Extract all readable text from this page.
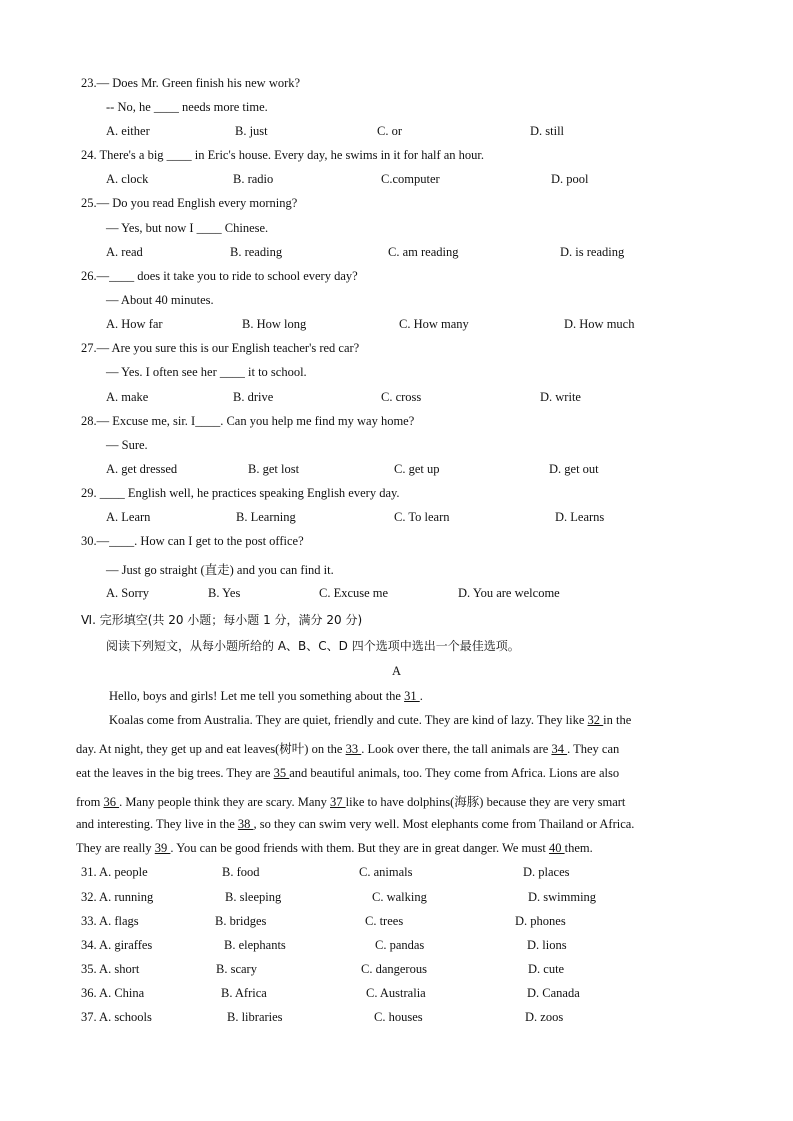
23.— Does Mr. Green finish his new work?
-- No, he ____ needs more time.
A. either	B. just	C. or	D. still
24. There's a big ____ in Eric's house. Every day, he swims in it for half an hour.
A. clock	B. radio	C.computer	D. pool
25.— Do you read English every morning?
— Yes, but now I ____ Chinese.
A. read	B. reading	C. am reading	D. is reading
26.—____ does it take you to ride to school every day?
— About 40 minutes.
A. How far	B. How long	C. How many	D. How much
27.— Are you sure this is our English teacher's red car?
— Yes. I often see her ____ it to school.
A. make	B. drive	C. cross	D. write
28.— Excuse me, sir. I____. Can you help me find my way home?
— Sure.
A. get dressed	B. get lost	C. get up	D. get out
29. ____ English well, he practices speaking English every day.
A. Learn	B. Learning	C. To learn	D. Learns
30.—____. How can I get to the post office?
— Just go straight (直走) and you can find it.
A. Sorry	B. Yes	C. Excuse me	D. You are welcome
Ⅵ. 完形填空(共 20 小题；每小题 1 分，满分 20 分)
阅读下列短文，从每小题所给的 A、B、C、D 四个选项中选出一个最佳选项。
A
Hello, boys and girls! Let me tell you something about the 31 .
Koalas come from Australia. They are quiet, friendly and cute. They are kind of lazy. They like 32 in the
day. At night, they get up and eat leaves(树叶) on the 33 . Look over there, the tall animals are 34 . They can
eat the leaves in the big trees. They are 35 and beautiful animals, too. They come from Africa. Lions are also
from 36 . Many people think they are scary. Many 37 like to have dolphins(海豚) because they are very smart
and interesting. They live in the 38 , so they can swim very well. Most elephants come from Thailand or Africa.
They are really 39 . You can be good friends with them. But they are in great danger. We must 40 them.
31. A. people	B. food	C. animals	D. places
32. A. running	B. sleeping	C. walking	D. swimming
33. A. flags	B. bridges	C. trees	D. phones
34. A. giraffes	B. elephants	C. pandas	D. lions
35. A. short	B. scary	C. dangerous	D. cute
36. A. China	B. Africa	C. Australia	D. Canada
37. A. schools	B. libraries	C. houses	D. zoos
